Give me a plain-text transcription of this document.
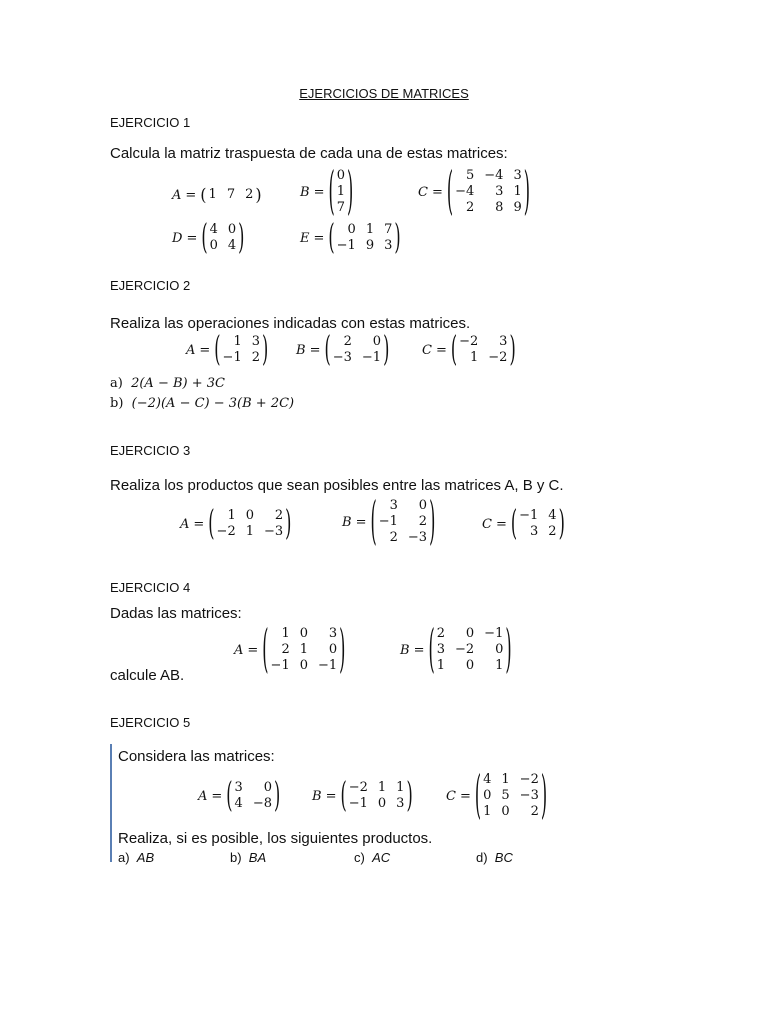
EJERCICIOS DE MATRICES
EJERCICIO 1
Calcula la matriz traspuesta de cada una de estas matrices:
A = ( 1 7 2 )	B = ( 0
1
7 )	C = ( 5 −4 3
−4	3 1
2	8 9 )
D = ( 4 0
0 4 )	E = ( 0 1 7
−1 9 3 )
EJERCICIO 2
Realiza las operaciones indicadas con estas matrices.
A = ( 1 3
−1 2 ) B = ( 2	0
−3 −1 )	C = ( −2	3
1 −2 )
a) 2(A − B) + 3C
b) (−2)(A − C) − 3(B + 2C)
EJERCICIO 3
Realiza los productos que sean posibles entre las matrices A, B y C.
A = ( 1 0	2
−2 1 −3 )	B = ( 3	0
−1	2
2 −3 )	C = ( −1 4
3 2 )
EJERCICIO 4
Dadas las matrices:
A = ( 1 0	3
2 1	0
−1 0 −1 )	B = ( 2	0 −1
3 −2	0
1	0	1 )
calcule AB.
EJERCICIO 5
Considera las matrices:
A = ( 3	0
4 −8 ) B = ( −2 1 1
−1 0 3 )	C = ( 4 1 −2
0 5 −3
1 0	2 )
Realiza, si es posible, los siguientes productos.
a) AB	b) BA	c) AC	d) BC
